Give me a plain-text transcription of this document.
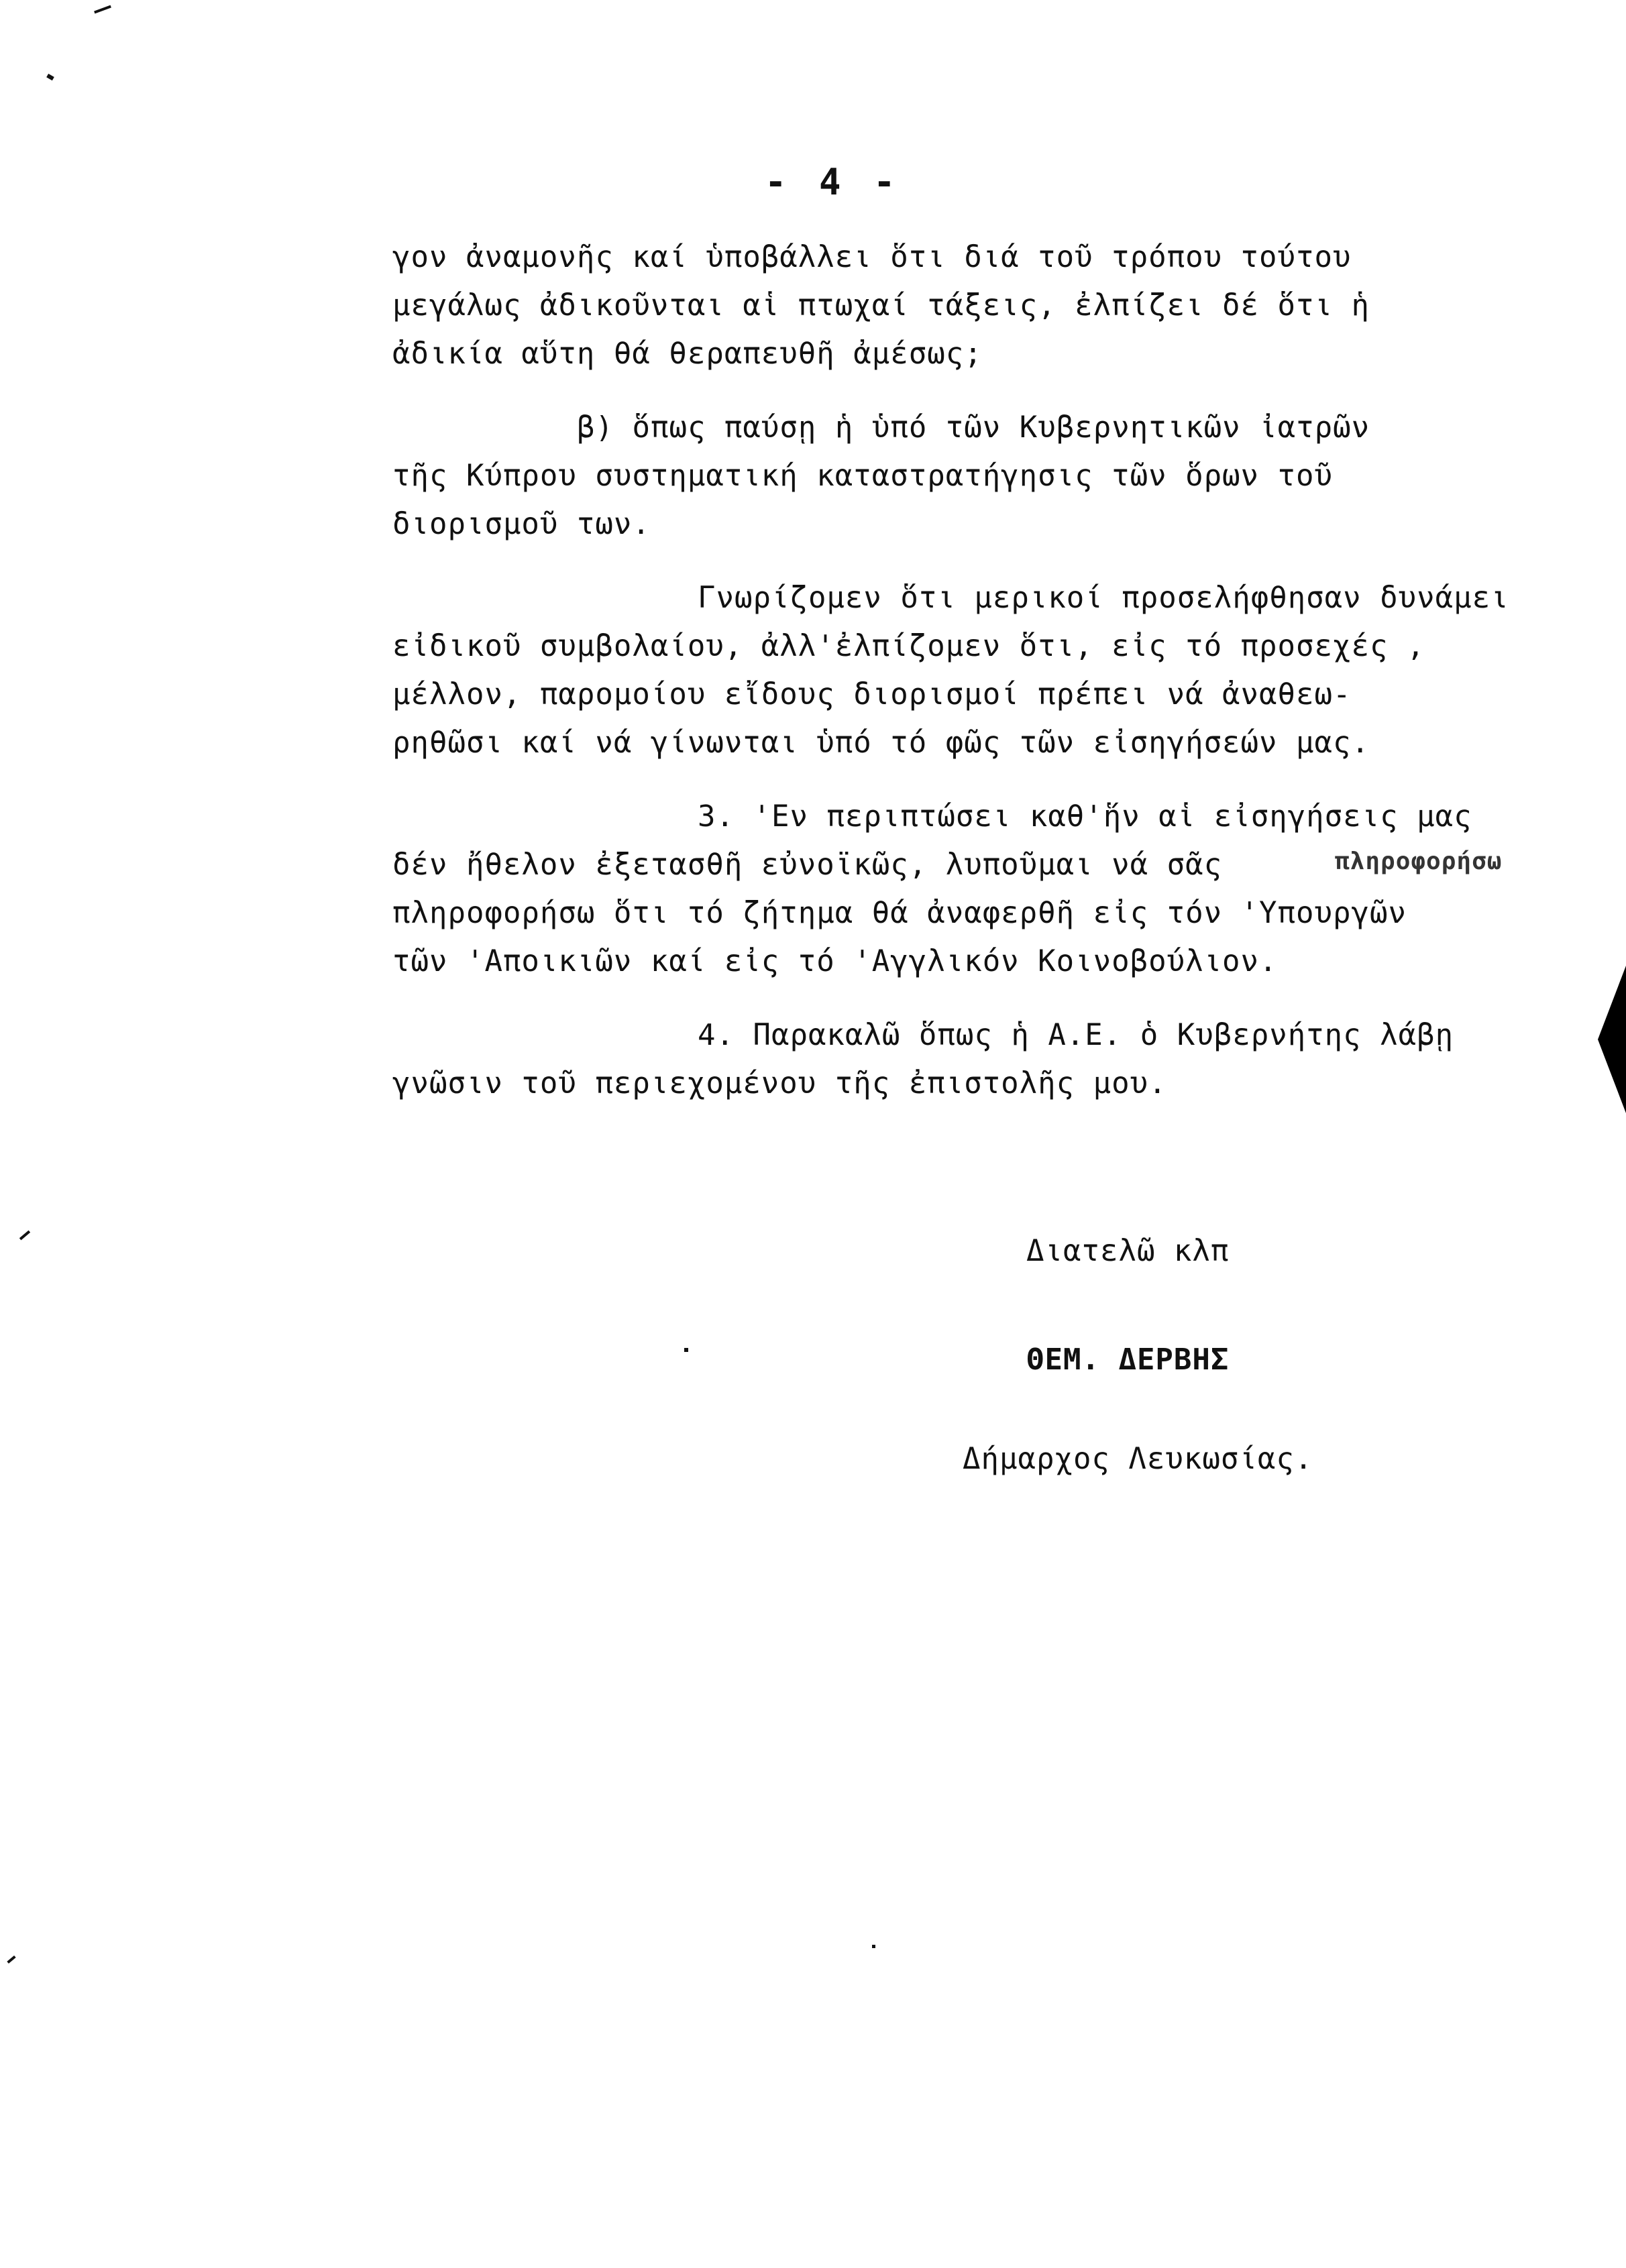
- 4 -
γον ἀναμονῆς καί ὑποβάλλει ὅτι διά τοῦ τρόπου τούτου
μεγάλως ἀδικοῦνται αἱ πτωχαί τάξεις, ἐλπίζει δέ ὅτι ἡ
ἀδικία αὕτη θά θεραπευθῆ ἀμέσως;
β) ὅπως παύσῃ ἡ ὑπό τῶν Κυβερνητικῶν ἰατρῶν
τῆς Κύπρου συστηματική καταστρατήγησις τῶν ὅρων τοῦ
διορισμοῦ των.
Γνωρίζομεν ὅτι μερικοί προσελήφθησαν δυνάμει
εἰδικοῦ συμβολαίου, ἀλλ'ἐλπίζομεν ὅτι, εἰς τό προσεχές ,
μέλλον, παρομοίου εἴδους διορισμοί πρέπει νά ἀναθεω-
ρηθῶσι καί νά γίνωνται ὑπό τό φῶς τῶν εἰσηγήσεών μας.
3. 'Εν περιπτώσει καθ'ἥν αἱ εἰσηγήσεις μας
δέν ἤθελον ἐξετασθῆ εὐνοϊκῶς, λυποῦμαι νά σᾶς	πληροφορήσω
πληροφορήσω ὅτι τό ζήτημα θά ἀναφερθῆ εἰς τόν 'Υπουργῶν
τῶν 'Αποικιῶν καί εἰς τό 'Αγγλικόν Κοινοβούλιον.
4. Παρακαλῶ ὅπως ἡ Α.Ε. ὁ Κυβερνήτης λάβῃ
γνῶσιν τοῦ περιεχομένου τῆς ἐπιστολῆς μου.
Διατελῶ κλπ
ΘΕΜ. ΔΕΡΒΗΣ
Δήμαρχος Λευκωσίας.
